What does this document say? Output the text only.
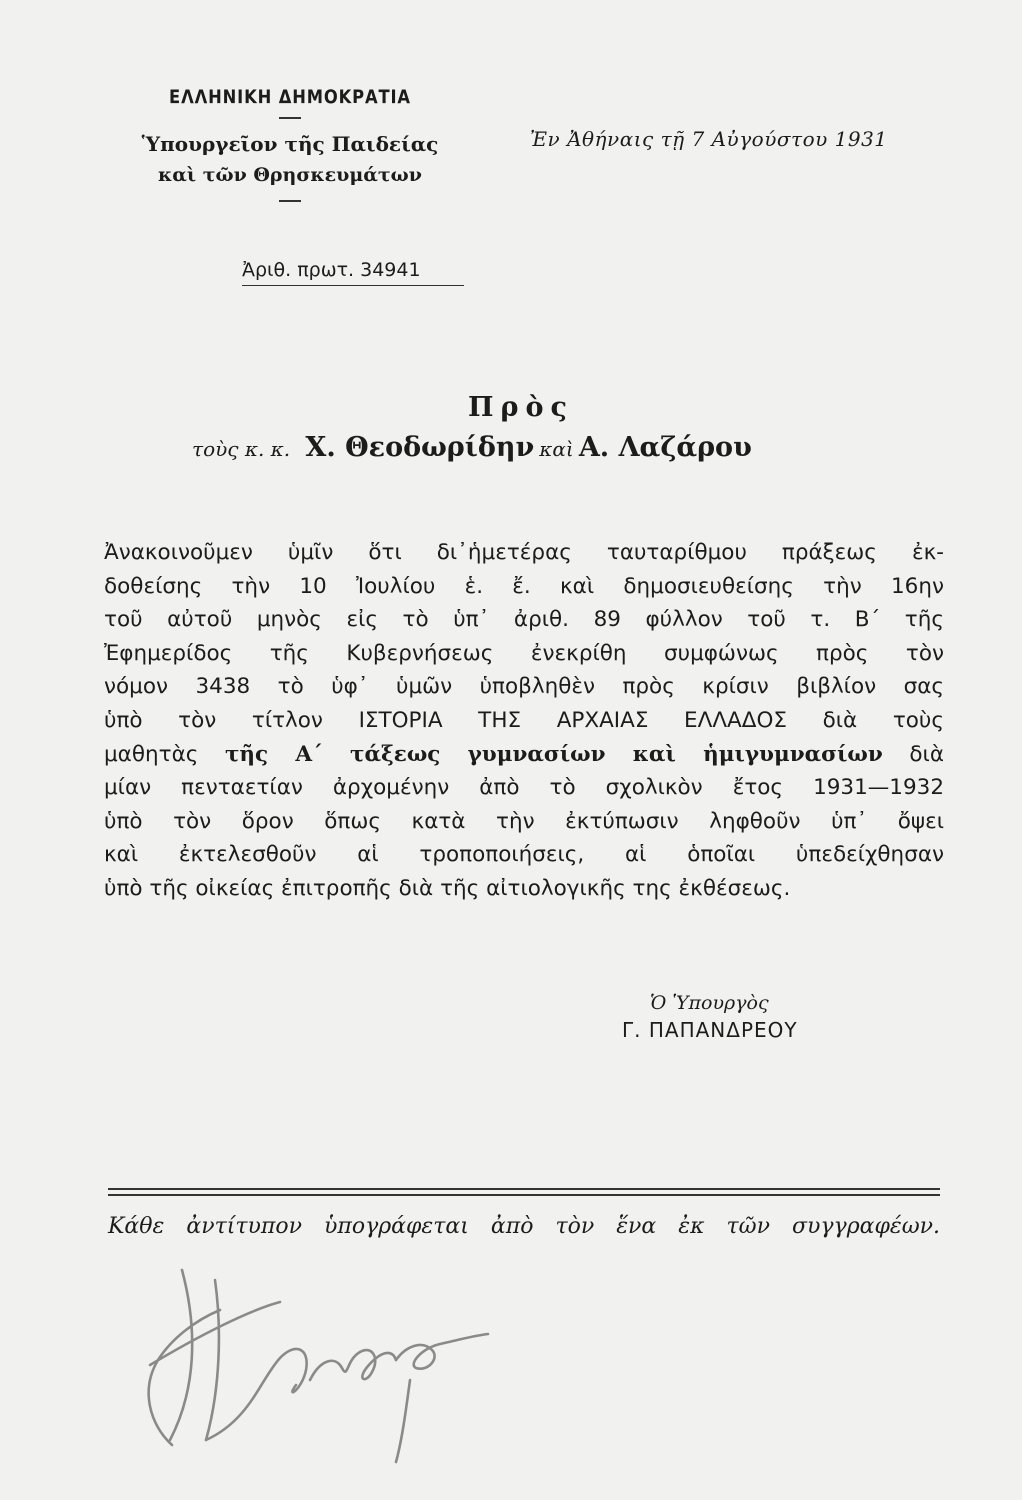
ΕΛΛΗΝΙΚΗ ΔΗΜΟΚΡΑΤΙΑ
Ὑπουργεῖον τῆς Παιδείας
καὶ τῶν Θρησκευμάτων
Ἀριθ. πρωτ. 34941
Ἐν Ἀθήναις τῇ 7 Αὐγούστου 1931
Πρὸς
τοὺς κ. κ. Χ. Θεοδωρίδην καὶ Α. Λαζάρου
Ἀνακοινοῦμεν ὑμῖν ὅτι δι᾽ἡμετέρας ταυταρίθμου πράξεως ἐκ-
δοθείσης τὴν 10 Ἰουλίου ἑ. ἔ. καὶ δημοσιευθείσης τὴν 16ην
τοῦ αὐτοῦ μηνὸς εἰς τὸ ὑπ᾽ ἀριθ. 89 φύλλον τοῦ τ. Β΄ τῆς
Ἐφημερίδος τῆς Κυβερνήσεως ἐνεκρίθη συμφώνως πρὸς τὸν
νόμον 3438 τὸ ὑφ᾽ ὑμῶν ὑποβληθὲν πρὸς κρίσιν βιβλίον σας
ὑπὸ τὸν τίτλον ΙΣΤΟΡΙΑ ΤΗΣ ΑΡΧΑΙΑΣ ΕΛΛΑΔΟΣ διὰ τοὺς
μαθητὰς τῆς Α΄ τάξεως γυμνασίων καὶ ἡμιγυμνασίων διὰ
μίαν πενταετίαν ἀρχομένην ἀπὸ τὸ σχολικὸν ἔτος 1931—1932
ὑπὸ τὸν ὅρον ὅπως κατὰ τὴν ἐκτύπωσιν ληφθοῦν ὑπ᾽ ὄψει
καὶ ἐκτελεσθοῦν αἱ τροποποιήσεις, αἱ ὁποῖαι ὑπεδείχθησαν
ὑπὸ τῆς οἰκείας ἐπιτροπῆς διὰ τῆς αἰτιολογικῆς της ἐκθέσεως.
Ὁ Ὑπουργὸς
Γ. ΠΑΠΑΝΔΡΕΟΥ
Κάθε ἀντίτυπον ὑπογράφεται ἀπὸ τὸν ἕνα ἐκ τῶν συγγραφέων.
